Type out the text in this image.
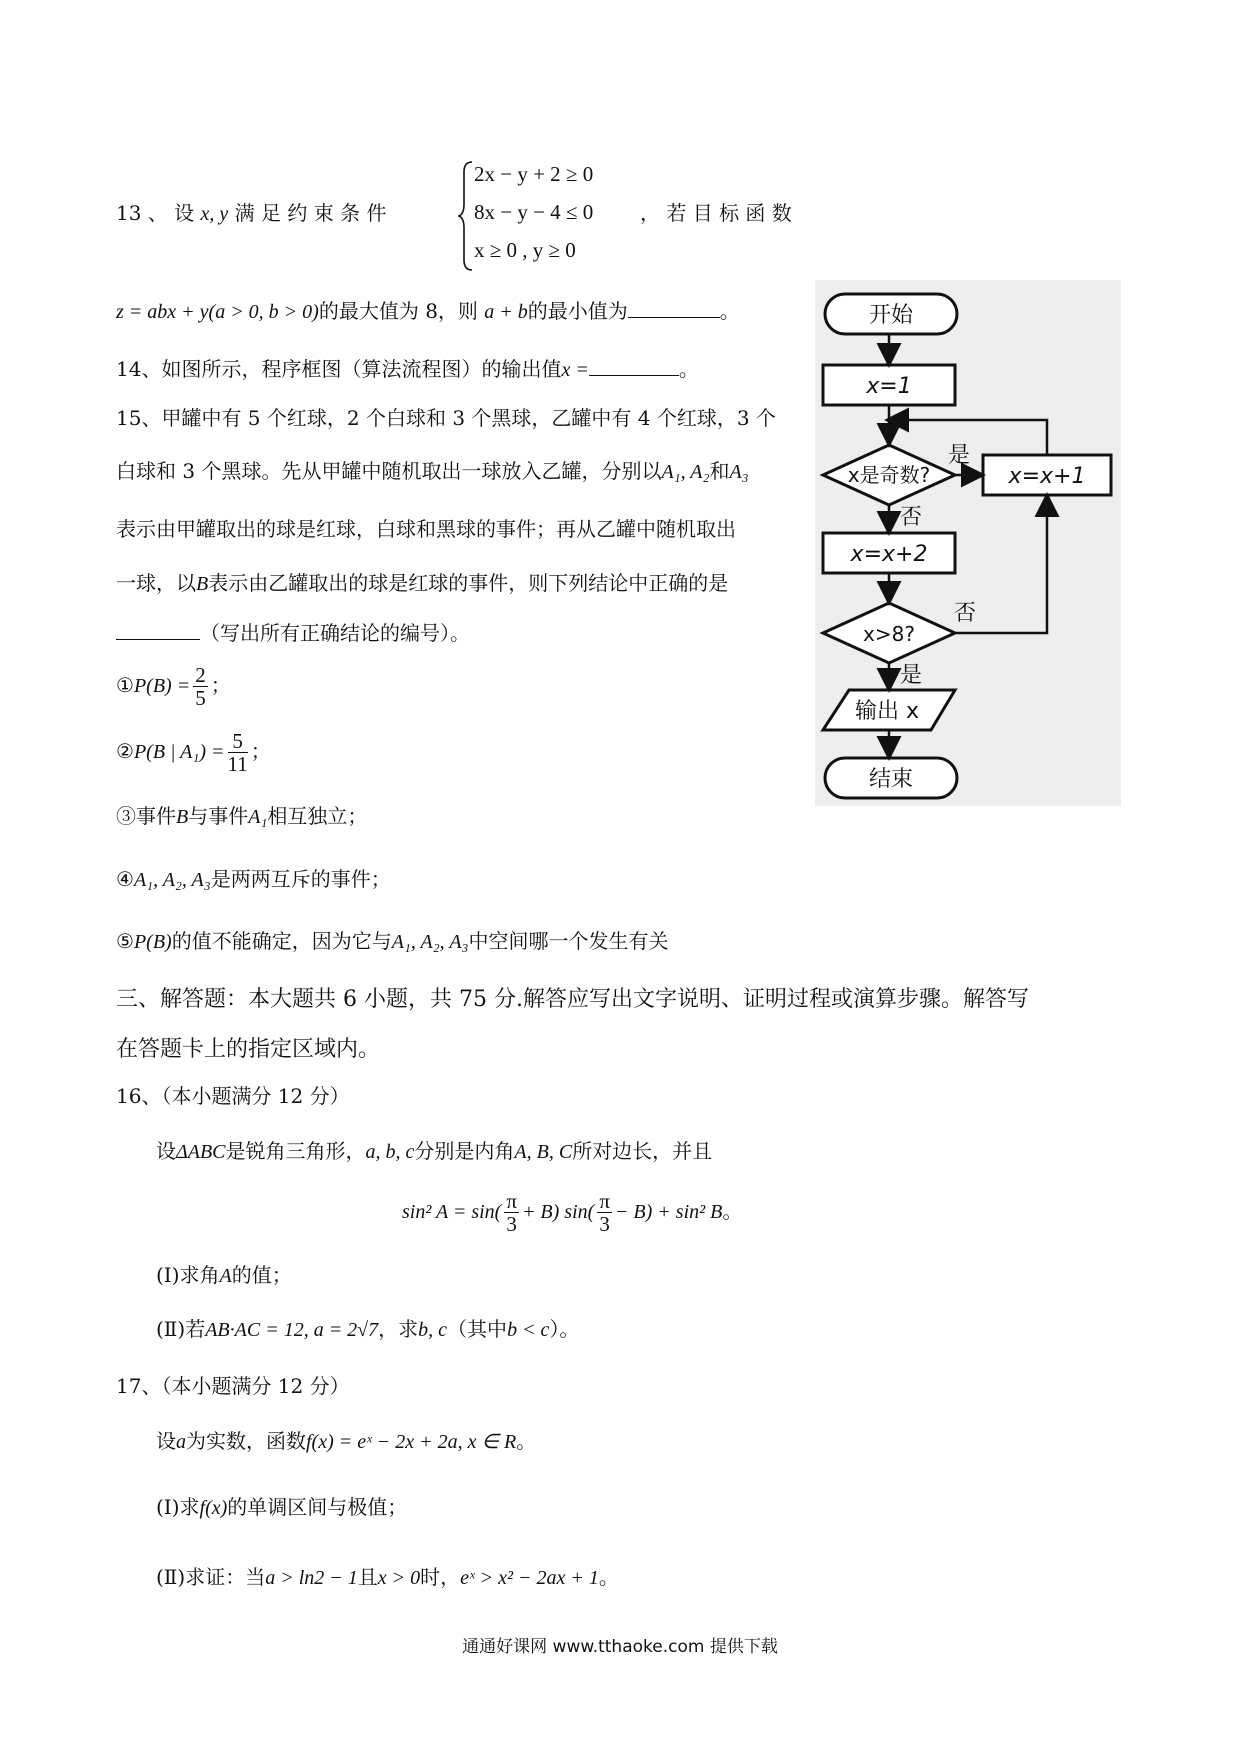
13 、 设 x, y 满 足 约 束 条 件
2x − y + 2 ≥ 0
8x − y − 4 ≤ 0
x ≥ 0 , y ≥ 0
， 若 目 标 函 数
z = abx + y(a > 0, b > 0)的最大值为 8，则 a + b的最小值为	。
14、如图所示，程序框图（算法流程图）的输出值x =	。
15、甲罐中有 5 个红球，2 个白球和 3 个黑球，乙罐中有 4 个红球，3 个
白球和 3 个黑球。先从甲罐中随机取出一球放入乙罐，分别以A₁, A₂和A₃
表示由甲罐取出的球是红球，白球和黑球的事件；再从乙罐中随机取出
一球，以B表示由乙罐取出的球是红球的事件，则下列结论中正确的是
（写出所有正确结论的编号）。
①P(B) = $\frac{2}{5}$ ；
②P(B | $A_1) = \frac{5}{11}$ ；
③事件B与事件A₁相互独立；
④A₁, A₂, A₃是两两互斥的事件；
⑤P(B)的值不能确定，因为它与A₁, A₂, A₃中空间哪一个发生有关
三、解答题：本大题共 6 小题，共 75 分.解答应写出文字说明、证明过程或演算步骤。解答写
在答题卡上的指定区域内。
16、（本小题满分 12 分）
设ΔABC是锐角三角形，a, b, c分别是内角A, B, C所对边长，并且
sin² $A = \sin( \frac{\pi}{3} + B)$ $\sin( \frac{\pi}{3} - B) + \sin^2$ B。
(Ⅰ)求角A的值；
(Ⅱ)若AB·AC = 12, a = 2√7，求b, c（其中b < c）。
17、（本小题满分 12 分）
设a为实数，函数f(x) = eˣ − 2x + 2a, x ∈ R。
(Ⅰ)求f(x)的单调区间与极值；
(Ⅱ)求证：当a > ln2 − 1且x > 0时，eˣ > x² − 2ax + 1。
开始
x=1
x是奇数?	x=x+1
x=x+2
x>8?
输出 x
结束
是
否
否
是
通通好课网 www.tthaoke.com 提供下载
